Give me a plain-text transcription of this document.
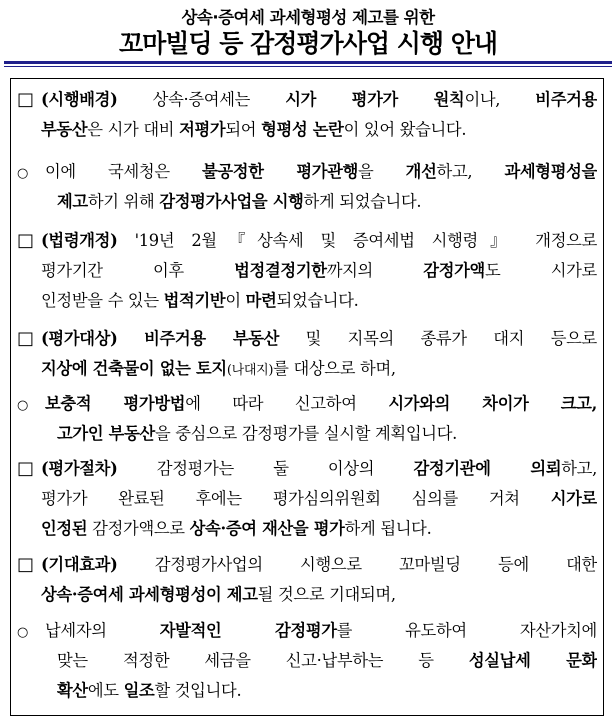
상속·증여세 과세형평성 제고를 위한
꼬마빌딩 등 감정평가사업 시행 안내
□ (시행배경) 상속·증여세는 시가 평가가 원칙이나, 비주거용
부동산은 시가 대비 저평가되어 형평성 논란이 있어 왔습니다.
○ 이에 국세청은 불공정한 평가관행을 개선하고, 과세형평성을
제고하기 위해 감정평가사업을 시행하게 되었습니다.
□ (법령개정) '19년 2월『상속세 및 증여세법 시행령』 개정으로
평가기간 이후 법정결정기한까지의 감정가액도 시가로
인정받을 수 있는 법적기반이 마련되었습니다.
□ (평가대상) 비주거용 부동산 및 지목의 종류가 대지 등으로
지상에 건축물이 없는 토지(나대지)를 대상으로 하며,
○ 보충적 평가방법에 따라 신고하여 시가와의 차이가 크고,
고가인 부동산을 중심으로 감정평가를 실시할 계획입니다.
□ (평가절차) 감정평가는 둘 이상의 감정기관에 의뢰하고,
평가가 완료된 후에는 평가심의위원회 심의를 거쳐 시가로
인정된 감정가액으로 상속·증여 재산을 평가하게 됩니다.
□ (기대효과) 감정평가사업의 시행으로 꼬마빌딩 등에 대한
상속·증여세 과세형평성이 제고될 것으로 기대되며,
○ 납세자의 자발적인 감정평가를 유도하여 자산가치에
맞는 적정한 세금을 신고·납부하는 등 성실납세 문화
확산에도 일조할 것입니다.
